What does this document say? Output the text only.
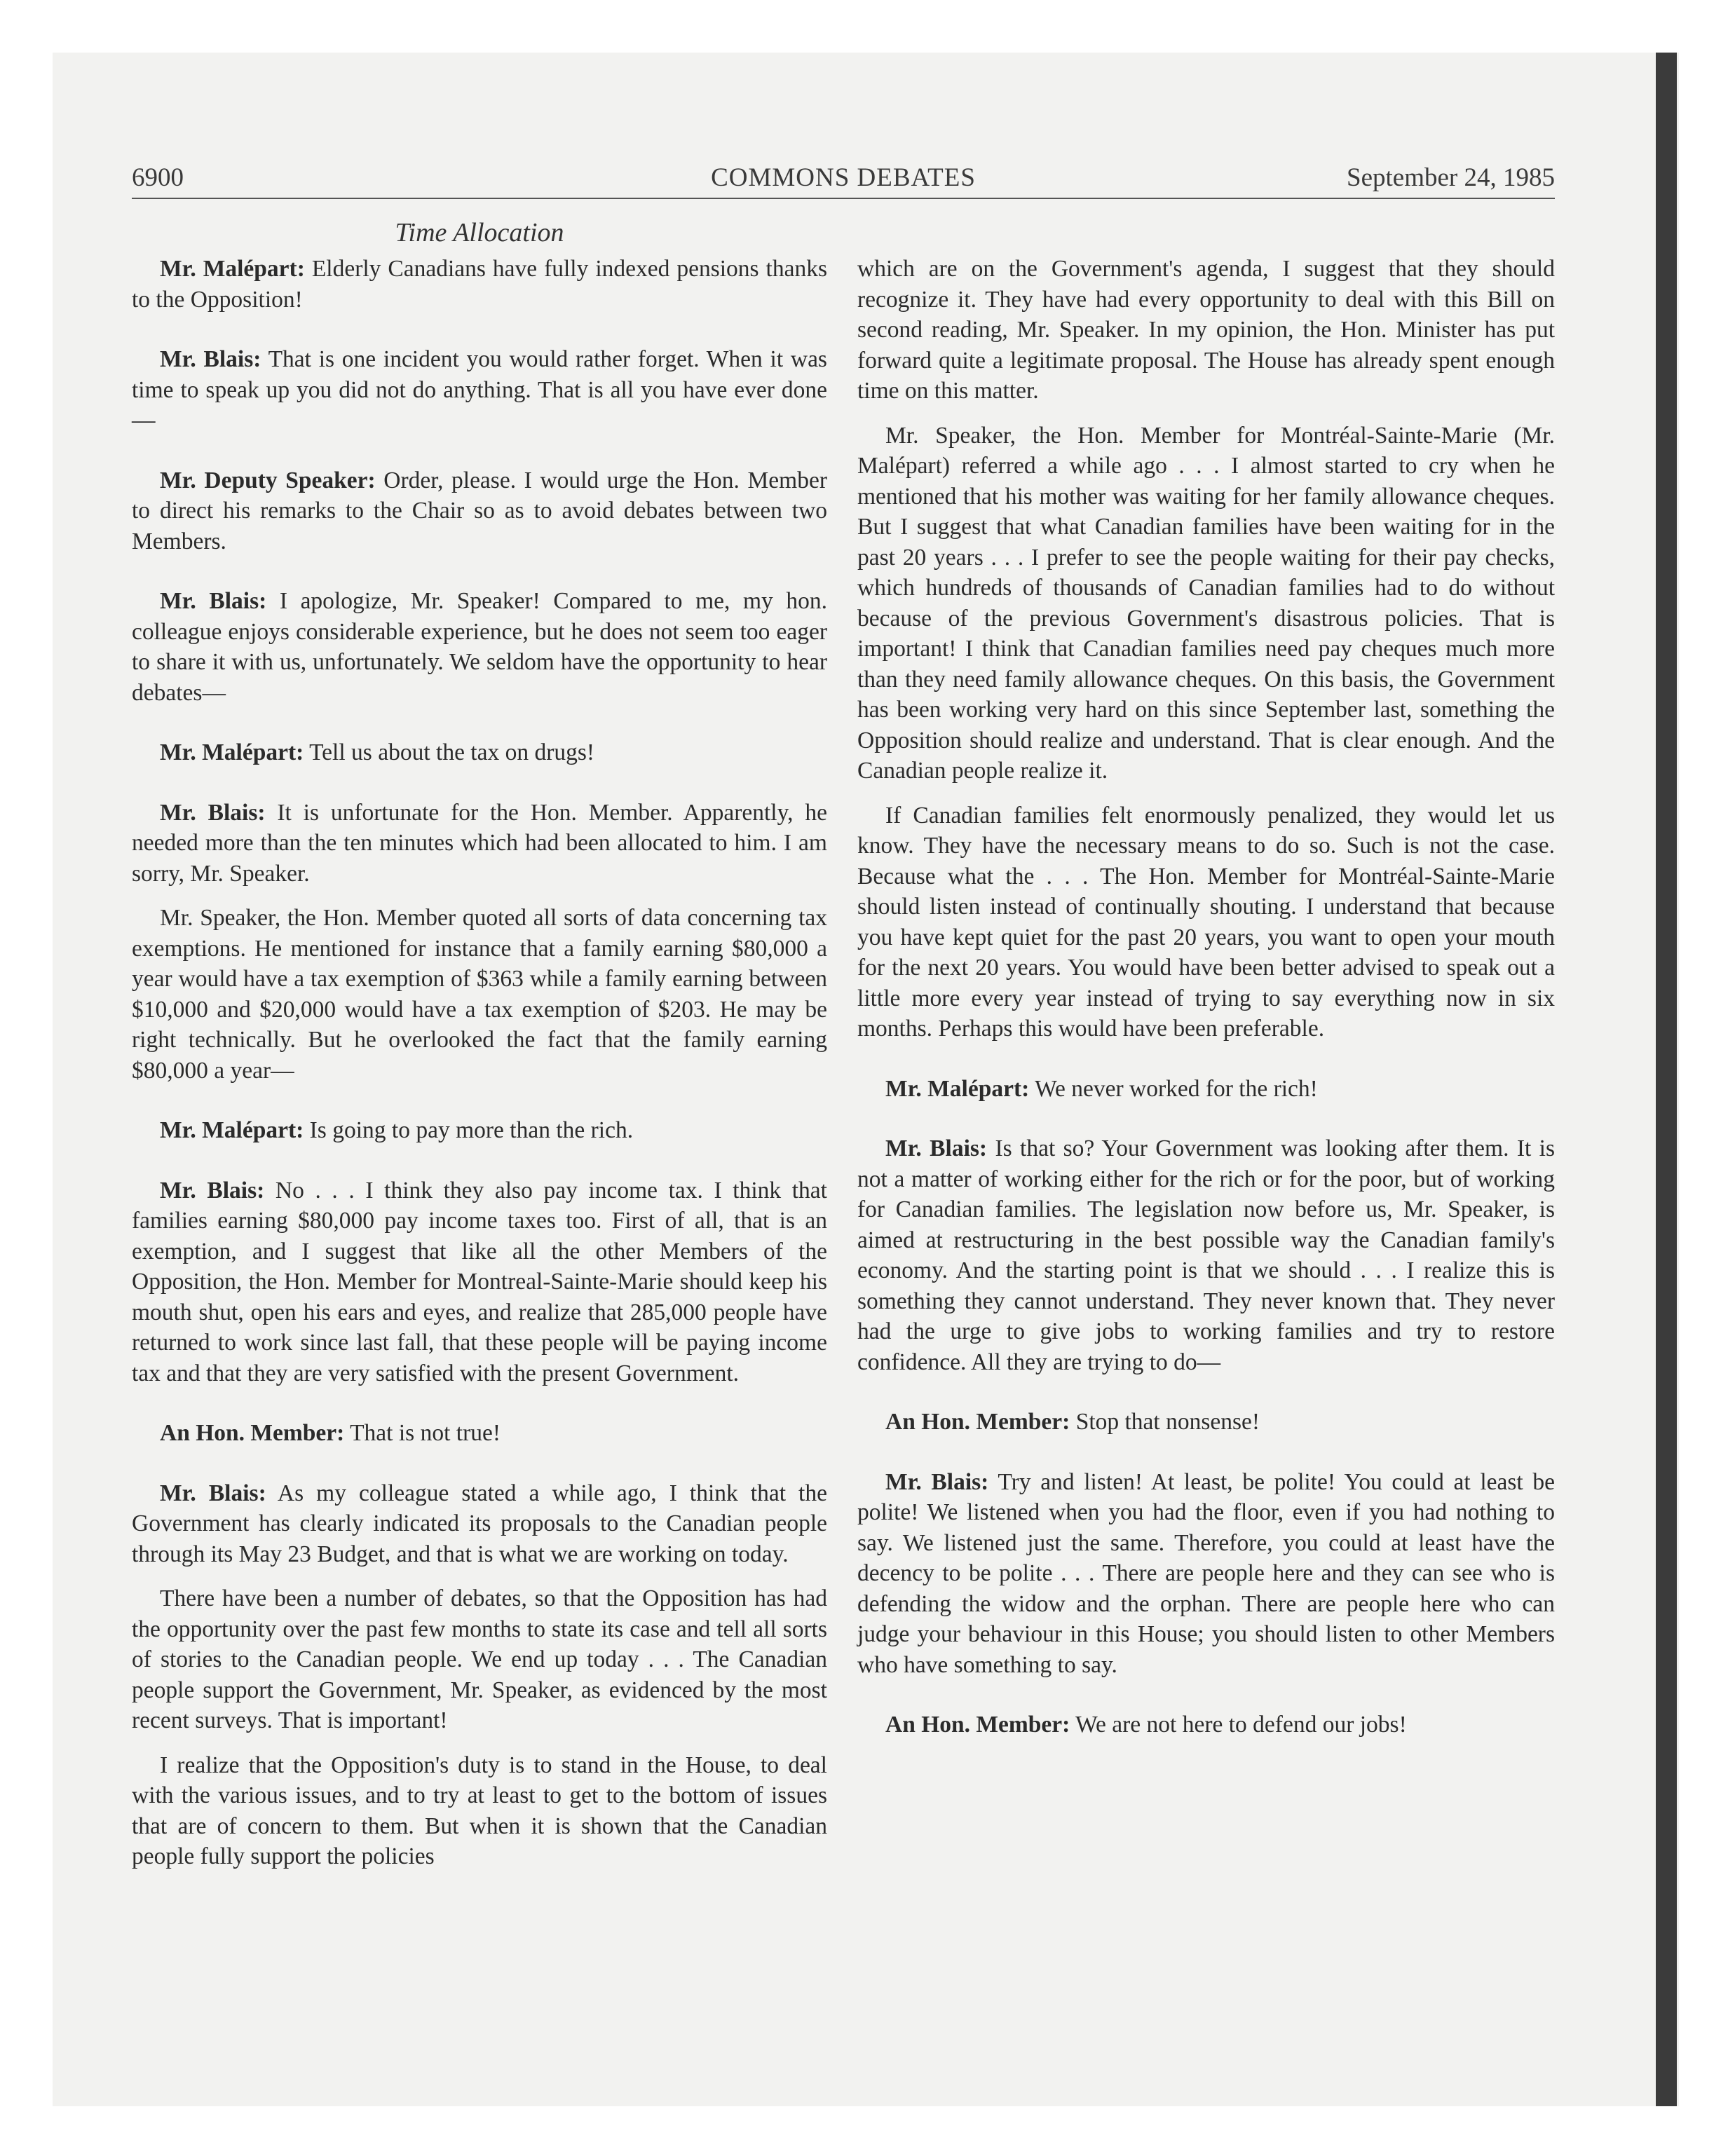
6900	COMMONS DEBATES	September 24, 1985
Time Allocation

Mr. Malépart: Elderly Canadians have fully indexed pensions thanks to the Opposition!

Mr. Blais: That is one incident you would rather forget. When it was time to speak up you did not do anything. That is all you have ever done—

Mr. Deputy Speaker: Order, please. I would urge the Hon. Member to direct his remarks to the Chair so as to avoid debates between two Members.

Mr. Blais: I apologize, Mr. Speaker! Compared to me, my hon. colleague enjoys considerable experience, but he does not seem too eager to share it with us, unfortunately. We seldom have the opportunity to hear debates—

Mr. Malépart: Tell us about the tax on drugs!

Mr. Blais: It is unfortunate for the Hon. Member. Apparently, he needed more than the ten minutes which had been allocated to him. I am sorry, Mr. Speaker.

Mr. Speaker, the Hon. Member quoted all sorts of data concerning tax exemptions. He mentioned for instance that a family earning $80,000 a year would have a tax exemption of $363 while a family earning between $10,000 and $20,000 would have a tax exemption of $203. He may be right technically. But he overlooked the fact that the family earning $80,000 a year—

Mr. Malépart: Is going to pay more than the rich.

Mr. Blais: No . . . I think they also pay income tax. I think that families earning $80,000 pay income taxes too. First of all, that is an exemption, and I suggest that like all the other Members of the Opposition, the Hon. Member for Montreal-Sainte-Marie should keep his mouth shut, open his ears and eyes, and realize that 285,000 people have returned to work since last fall, that these people will be paying income tax and that they are very satisfied with the present Government.

An Hon. Member: That is not true!

Mr. Blais: As my colleague stated a while ago, I think that the Government has clearly indicated its proposals to the Canadian people through its May 23 Budget, and that is what we are working on today.

There have been a number of debates, so that the Opposition has had the opportunity over the past few months to state its case and tell all sorts of stories to the Canadian people. We end up today . . . The Canadian people support the Government, Mr. Speaker, as evidenced by the most recent surveys. That is important!

I realize that the Opposition's duty is to stand in the House, to deal with the various issues, and to try at least to get to the bottom of issues that are of concern to them. But when it is shown that the Canadian people fully support the policies

which are on the Government's agenda, I suggest that they should recognize it. They have had every opportunity to deal with this Bill on second reading, Mr. Speaker. In my opinion, the Hon. Minister has put forward quite a legitimate proposal. The House has already spent enough time on this matter.

Mr. Speaker, the Hon. Member for Montréal-Sainte-Marie (Mr. Malépart) referred a while ago . . . I almost started to cry when he mentioned that his mother was waiting for her family allowance cheques. But I suggest that what Canadian families have been waiting for in the past 20 years . . . I prefer to see the people waiting for their pay checks, which hundreds of thousands of Canadian families had to do without because of the previous Government's disastrous policies. That is important! I think that Canadian families need pay cheques much more than they need family allowance cheques. On this basis, the Government has been working very hard on this since September last, something the Opposition should realize and understand. That is clear enough. And the Canadian people realize it.

If Canadian families felt enormously penalized, they would let us know. They have the necessary means to do so. Such is not the case. Because what the . . . The Hon. Member for Montréal-Sainte-Marie should listen instead of continually shouting. I understand that because you have kept quiet for the past 20 years, you want to open your mouth for the next 20 years. You would have been better advised to speak out a little more every year instead of trying to say everything now in six months. Perhaps this would have been preferable.

Mr. Malépart: We never worked for the rich!

Mr. Blais: Is that so? Your Government was looking after them. It is not a matter of working either for the rich or for the poor, but of working for Canadian families. The legislation now before us, Mr. Speaker, is aimed at restructuring in the best possible way the Canadian family's economy. And the starting point is that we should . . . I realize this is something they cannot understand. They never known that. They never had the urge to give jobs to working families and try to restore confidence. All they are trying to do—

An Hon. Member: Stop that nonsense!

Mr. Blais: Try and listen! At least, be polite! You could at least be polite! We listened when you had the floor, even if you had nothing to say. We listened just the same. Therefore, you could at least have the decency to be polite . . . There are people here and they can see who is defending the widow and the orphan. There are people here who can judge your behaviour in this House; you should listen to other Members who have something to say.

An Hon. Member: We are not here to defend our jobs!
